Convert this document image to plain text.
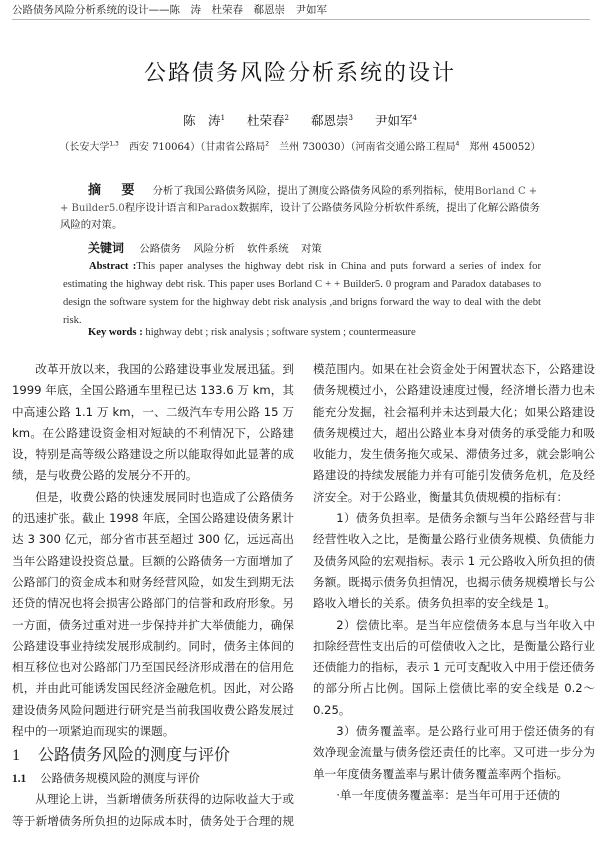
公路债务风险分析系统的设计——陈　涛　杜荣春　郗恩崇　尹如军
公路债务风险分析系统的设计
陈　涛$^1$ 杜荣春$^2$ 郗恩崇$^3$ 尹如军$^4$
（长安大学$^{1,3}$  西安 710064）（甘肃省公路局$^2$  兰州 730030）（河南省交通公路工程局$^4$  郑州 450052）
摘 要 分析了我国公路债务风险，提出了测度公路债务风险的系列指标，使用Borland C + + Builder5.0程序设计语言和Paradox数据库，设计了公路债务风险分析软件系统，提出了化解公路债务风险的对策。
关键词 公路债务 风险分析 软件系统 对策
Abstract :This paper analyses the highway debt risk in China and puts forward a series of index for estimating the highway debt risk. This paper uses Borland C + + Builder5. 0 program and Paradox databases to design the software system for the highway debt risk analysis ,and brigns forward the way to deal with the debt risk.
Key words : highway debt ; risk analysis ; software system ; countermeasure

改革开放以来，我国的公路建设事业发展迅猛。到 1999 年底，全国公路通车里程已达 133.6 万 km，其中高速公路 1.1 万 km，一、二级汽车专用公路 15 万 km。在公路建设资金相对短缺的不利情况下，公路建设，特别是高等级公路建设之所以能取得如此显著的成绩，是与收费公路的发展分不开的。

但是，收费公路的快速发展同时也造成了公路债务的迅速扩张。截止 1998 年底，全国公路建设债务累计达 3 300 亿元，部分省市甚至超过 300 亿，远远高出当年公路建设投资总量。巨额的公路债务一方面增加了公路部门的资金成本和财务经营风险，如发生到期无法还贷的情况也将会损害公路部门的信誉和政府形象。另一方面，债务过重对进一步保持并扩大举债能力，确保公路建设事业持续发展形成制约。同时，债务主体间的相互移位也对公路部门乃至国民经济形成潜在的信用危机，并由此可能诱发国民经济金融危机。因此，对公路建设债务风险问题进行研究是当前我国收费公路发展过程中的一项紧迫而现实的课题。

1 公路债务风险的测度与评价

1.1 公路债务规模风险的测度与评价

从理论上讲，当新增债务所获得的边际收益大于或等于新增债务所负担的边际成本时，债务处于合理的规模范围内。如果在社会资金处于闲置状态下，公路建设债务规模过小，公路建设速度过慢，经济增长潜力也未能充分发掘，社会福利并未达到最大化；如果公路建设债务规模过大，超出公路业本身对债务的承受能力和吸收能力，发生债务拖欠或呆、滞债务过多，就会影响公路建设的持续发展能力并有可能引发债务危机，危及经济安全。对于公路业，衡量其负债规模的指标有：

1）债务负担率。是债务余额与当年公路经营与非经营性收入之比，是衡量公路行业债务规模、负债能力及债务风险的宏观指标。表示 1 元公路收入所负担的债务额。既揭示债务负担情况，也揭示债务规模增长与公路收入增长的关系。债务负担率的安全线是 1。

2）偿债比率。是当年应偿债务本息与当年收入中扣除经营性支出后的可偿债收入之比，是衡量公路行业还债能力的指标，表示 1 元可支配收入中用于偿还债务的部分所占比例。国际上偿债比率的安全线是 0.2～0.25。

3）债务覆盖率。是公路行业可用于偿还债务的有效净现金流量与债务偿还责任的比率。又可进一步分为单一年度债务覆盖率与累计债务覆盖率两个指标。

·单一年度债务覆盖率：是当年可用于还债的
